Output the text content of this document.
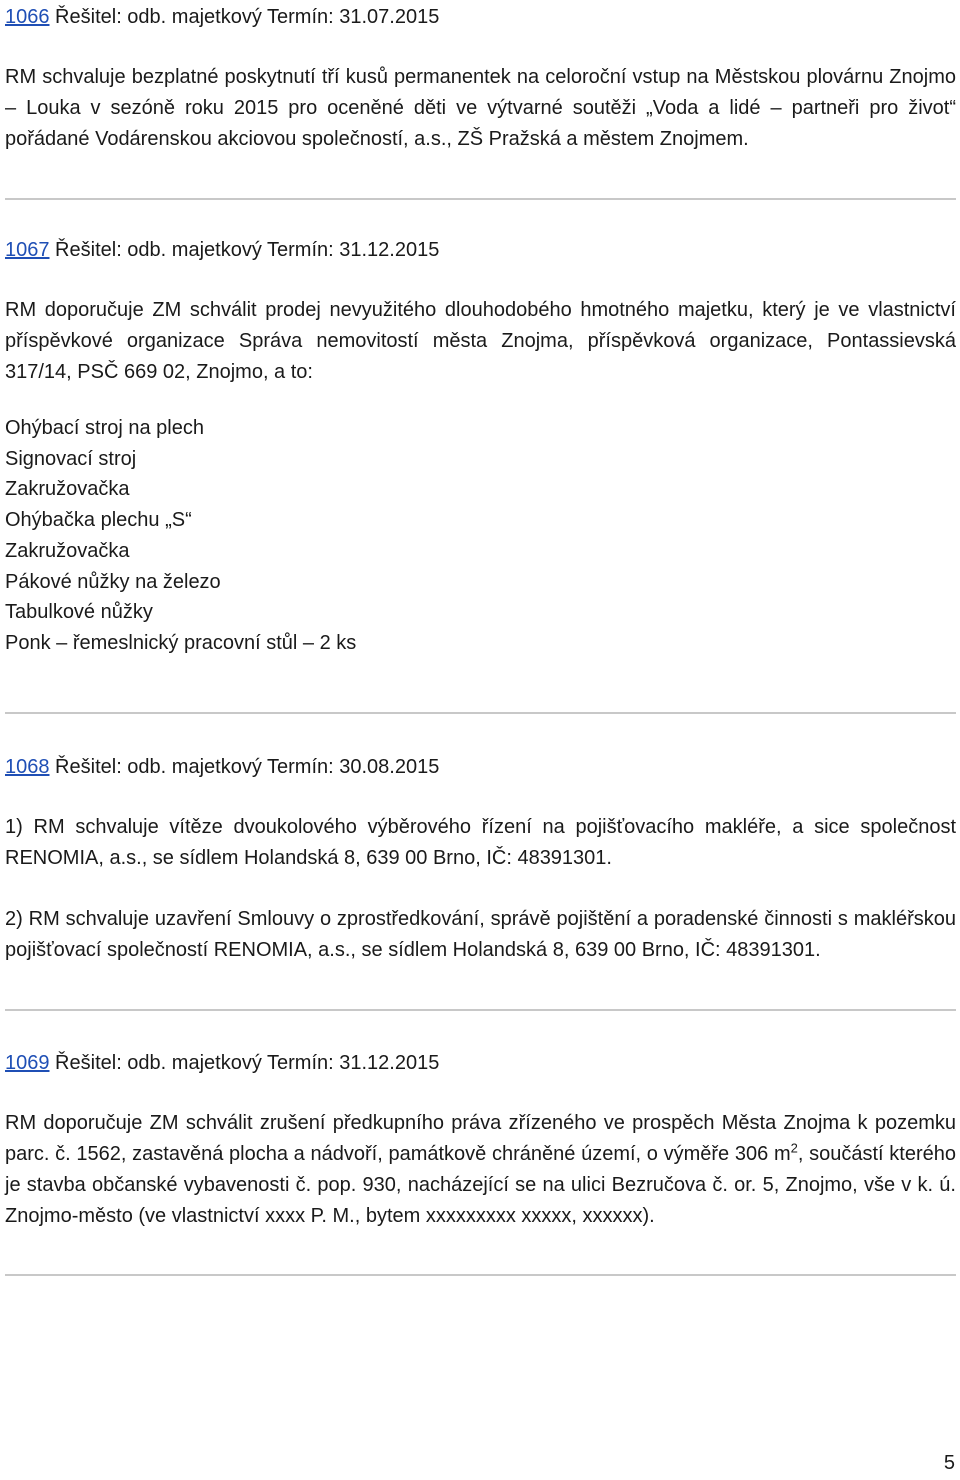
1066 Řešitel: odb. majetkový Termín: 31.07.2015

RM schvaluje bezplatné poskytnutí tří kusů permanentek na celoroční vstup na Městskou plovárnu Znojmo – Louka v sezóně roku 2015 pro oceněné děti ve výtvarné soutěži „Voda a lidé – partneři pro život“ pořádané Vodárenskou akciovou společností, a.s., ZŠ Pražská a městem Znojmem.

1067 Řešitel: odb. majetkový Termín: 31.12.2015

RM doporučuje ZM schválit prodej nevyužitého dlouhodobého hmotného majetku, který je ve vlastnictví příspěvkové organizace Správa nemovitostí města Znojma, příspěvková organizace, Pontassievská 317/14, PSČ 669 02, Znojmo, a to:

Ohýbací stroj na plech
Signovací stroj
Zakružovačka
Ohýbačka plechu „S“
Zakružovačka
Pákové nůžky na železo
Tabulkové nůžky
Ponk – řemeslnický pracovní stůl – 2 ks

1068 Řešitel: odb. majetkový Termín: 30.08.2015

1) RM schvaluje vítěze dvoukolového výběrového řízení na pojišťovacího makléře, a sice společnost RENOMIA, a.s., se sídlem Holandská 8, 639 00 Brno, IČ: 48391301.

2) RM schvaluje uzavření Smlouvy o zprostředkování, správě pojištění a poradenské činnosti s makléřskou pojišťovací společností RENOMIA, a.s., se sídlem Holandská 8, 639 00 Brno, IČ: 48391301.

1069 Řešitel: odb. majetkový Termín: 31.12.2015

RM doporučuje ZM schválit zrušení předkupního práva zřízeného ve prospěch Města Znojma k pozemku parc. č. 1562, zastavěná plocha a nádvoří, památkově chráněné území, o výměře 306 $m^2$, součástí kterého je stavba občanské vybavenosti č. pop. 930, nacházející se na ulici Bezručova č. or. 5, Znojmo, vše v k. ú. Znojmo-město (ve vlastnictví xxxx P. M., bytem xxxxxxxxx xxxxx, xxxxxx).

5
